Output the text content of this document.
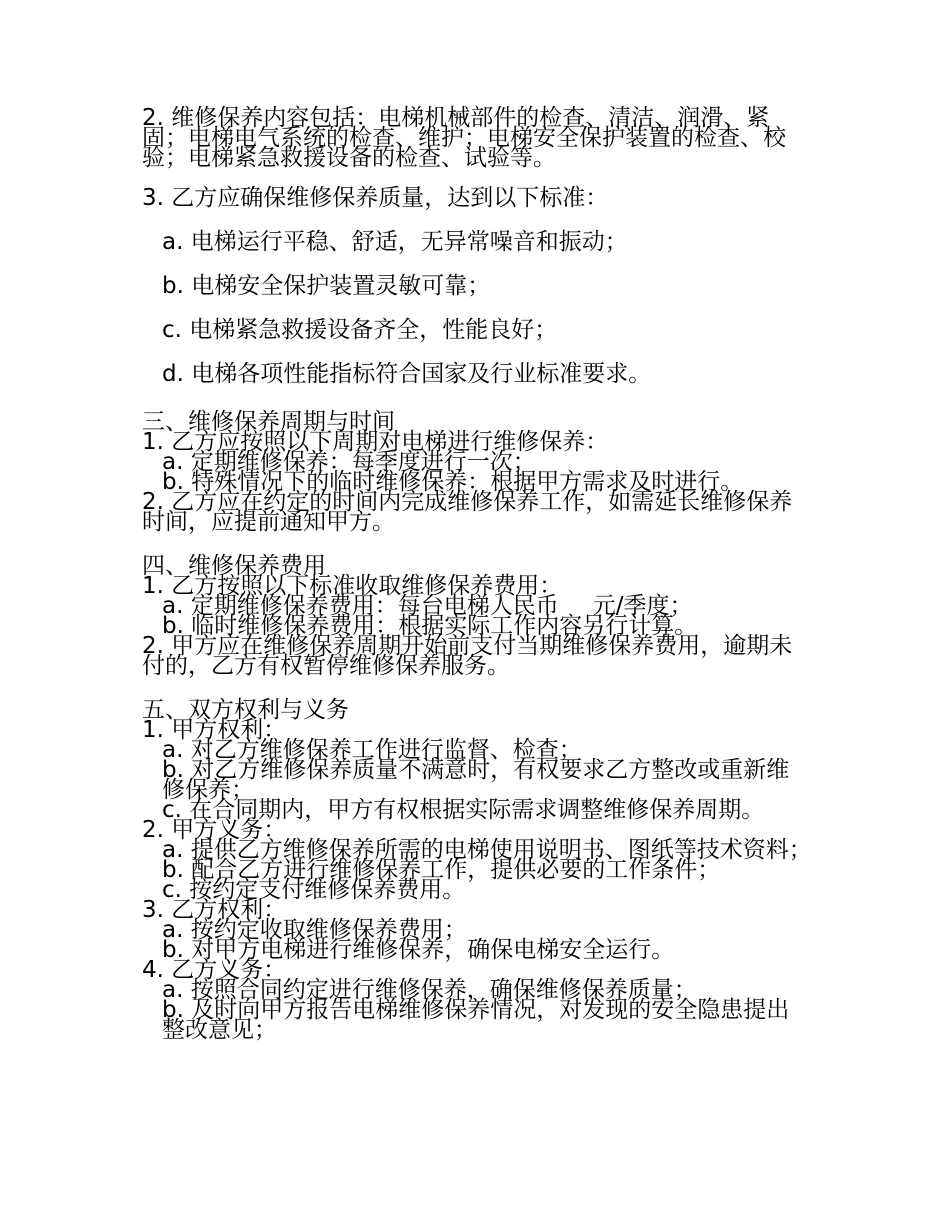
2. 维修保养内容包括：电梯机械部件的检查、清洁、润滑、紧固；电梯电气系统的检查、维护；电梯安全保护装置的检查、校验；电梯紧急救援设备的检查、试验等。

3. 乙方应确保维修保养质量，达到以下标准：

a. 电梯运行平稳、舒适，无异常噪音和振动；

b. 电梯安全保护装置灵敏可靠；

c. 电梯紧急救援设备齐全，性能良好；

d. 电梯各项性能指标符合国家及行业标准要求。

三、维修保养周期与时间

1. 乙方应按照以下周期对电梯进行维修保养：

a. 定期维修保养：每季度进行一次；

b. 特殊情况下的临时维修保养：根据甲方需求及时进行。

2. 乙方应在约定的时间内完成维修保养工作，如需延长维修保养时间，应提前通知甲方。

四、维修保养费用

1. 乙方按照以下标准收取维修保养费用：

a. 定期维修保养费用：每台电梯人民币 元/季度；

b. 临时维修保养费用：根据实际工作内容另行计算。

2. 甲方应在维修保养周期开始前支付当期维修保养费用，逾期未付的，乙方有权暂停维修保养服务。

五、双方权利与义务

1. 甲方权利：

a. 对乙方维修保养工作进行监督、检查；

b. 对乙方维修保养质量不满意时，有权要求乙方整改或重新维修保养；

c. 在合同期内，甲方有权根据实际需求调整维修保养周期。

2. 甲方义务：

a. 提供乙方维修保养所需的电梯使用说明书、图纸等技术资料；

b. 配合乙方进行维修保养工作，提供必要的工作条件；

c. 按约定支付维修保养费用。

3. 乙方权利：

a. 按约定收取维修保养费用；

b. 对甲方电梯进行维修保养，确保电梯安全运行。

4. 乙方义务：

a. 按照合同约定进行维修保养，确保维修保养质量；

b. 及时向甲方报告电梯维修保养情况，对发现的安全隐患提出整改意见；
